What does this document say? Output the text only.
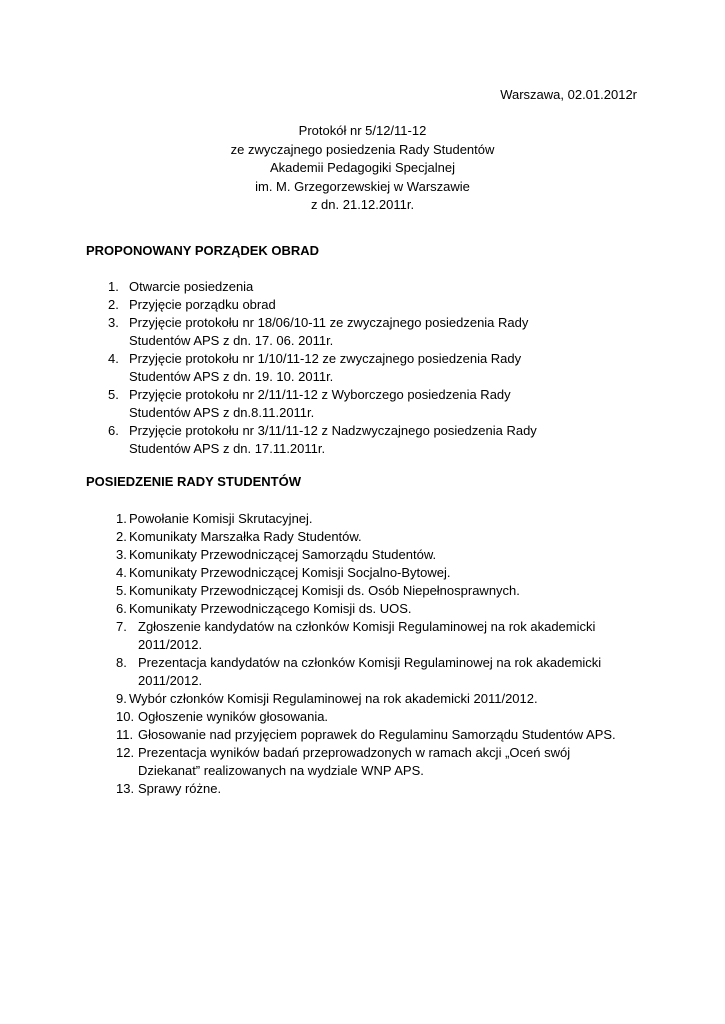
Warszawa, 02.01.2012r
Protokół nr 5/12/11-12
ze zwyczajnego posiedzenia Rady Studentów
Akademii Pedagogiki Specjalnej
im. M. Grzegorzewskiej w Warszawie
z dn. 21.12.2011r.
PROPONOWANY PORZĄDEK OBRAD
1. Otwarcie posiedzenia
2. Przyjęcie porządku obrad
3. Przyjęcie protokołu nr 18/06/10-11 ze zwyczajnego posiedzenia Rady
Studentów APS z dn. 17. 06. 2011r.
4. Przyjęcie protokołu nr 1/10/11-12 ze zwyczajnego posiedzenia Rady
Studentów APS z dn. 19. 10. 2011r.
5. Przyjęcie protokołu nr 2/11/11-12 z Wyborczego posiedzenia Rady
Studentów APS z dn.8.11.2011r.
6. Przyjęcie protokołu nr 3/11/11-12 z Nadzwyczajnego posiedzenia Rady
Studentów APS z dn. 17.11.2011r.
POSIEDZENIE RADY STUDENTÓW
1. Powołanie Komisji Skrutacyjnej.
2. Komunikaty Marszałka Rady Studentów.
3. Komunikaty Przewodniczącej Samorządu Studentów.
4. Komunikaty Przewodniczącej Komisji Socjalno-Bytowej.
5. Komunikaty Przewodniczącej Komisji ds. Osób Niepełnosprawnych.
6. Komunikaty Przewodniczącego Komisji ds. UOS.
7. Zgłoszenie kandydatów na członków Komisji Regulaminowej na rok akademicki
2011/2012.
8. Prezentacja kandydatów na członków Komisji Regulaminowej na rok akademicki
2011/2012.
9. Wybór członków Komisji Regulaminowej na rok akademicki 2011/2012.
10. Ogłoszenie wyników głosowania.
11. Głosowanie nad przyjęciem poprawek do Regulaminu Samorządu Studentów APS.
12. Prezentacja wyników badań przeprowadzonych w ramach akcji „Oceń swój
Dziekanat” realizowanych na wydziale WNP APS.
13. Sprawy różne.
